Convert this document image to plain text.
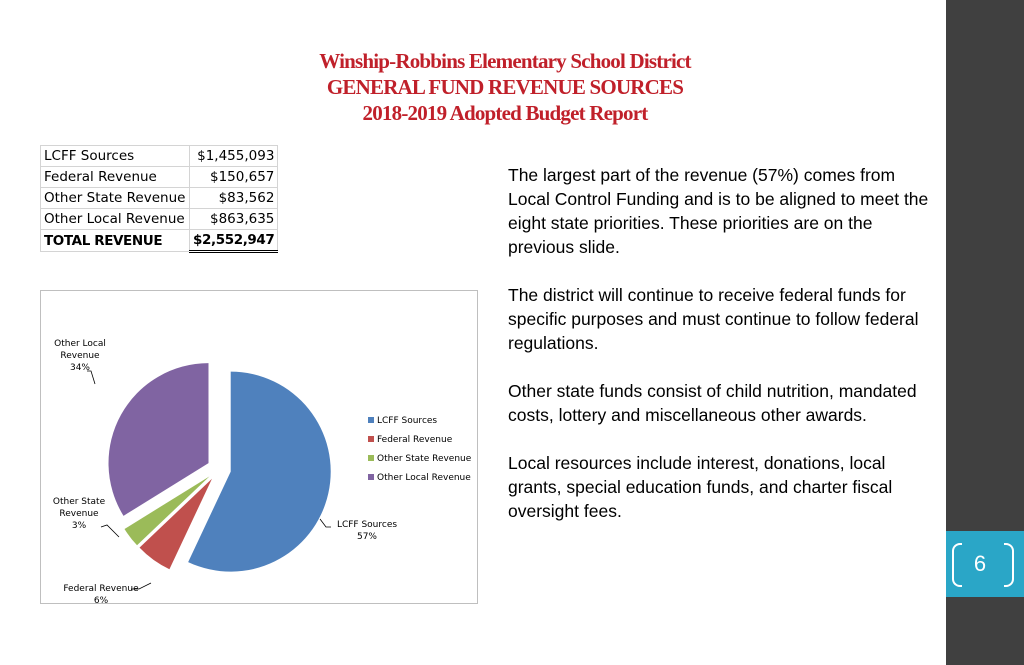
Winship-Robbins Elementary School District
GENERAL FUND REVENUE SOURCES
2018-2019 Adopted Budget Report
LCFF Sources	$1,455,093
Federal Revenue	$150,657
Other State Revenue	$83,562
Other Local Revenue	$863,635
TOTAL REVENUE	$2,552,947
LCFF Sources 57%
Federal Revenue 6%
Other State Revenue 3%
Other Local Revenue 34%
LCFF Sources
Federal Revenue
Other State Revenue
Other Local Revenue

The largest part of the revenue (57%) comes from Local Control Funding and is to be aligned to meet the eight state priorities. These priorities are on the previous slide.

The district will continue to receive federal funds for specific purposes and must continue to follow federal regulations.

Other state funds consist of child nutrition, mandated costs, lottery and miscellaneous other awards.

Local resources include interest, donations, local grants, special education funds, and charter fiscal oversight fees.

6
